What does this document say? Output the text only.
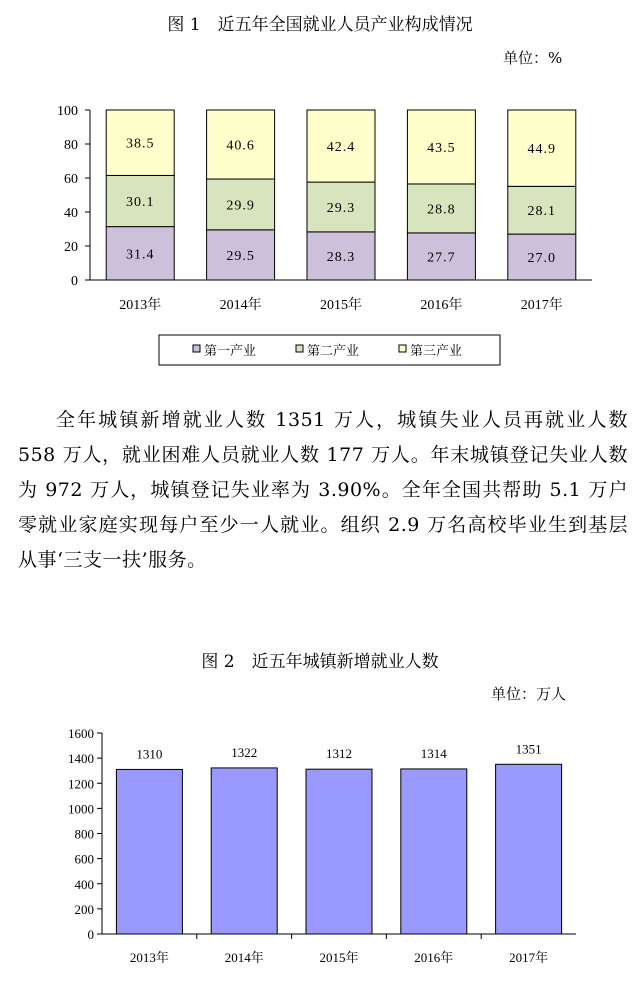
图 1　近五年全国就业人员产业构成情况
单位：%
0
20
40
60
80
100
31.4
30.1
38.5
2013年
29.5
29.9
40.6
2014年
28.3
29.3
42.4
2015年
27.7
28.8
43.5
2016年
27.0
28.1
44.9
2017年
第一产业	第二产业	第三产业
全年城镇新增就业人数 1351 万人，城镇失业人员再就业人数 558 万人，就业困难人员就业人数 177 万人。年末城镇登记失业人数为 972 万人，城镇登记失业率为 3.90%。全年全国共帮助 5.1 万户零就业家庭实现每户至少一人就业。组织 2.9 万名高校毕业生到基层从事‘三支一扶’服务。
图 2　近五年城镇新增就业人数
单位：万人
0
200
400
600
800
1000
1200
1400
1600
1310
2013年
1322
2014年
1312
2015年
1314
2016年
1351
2017年
